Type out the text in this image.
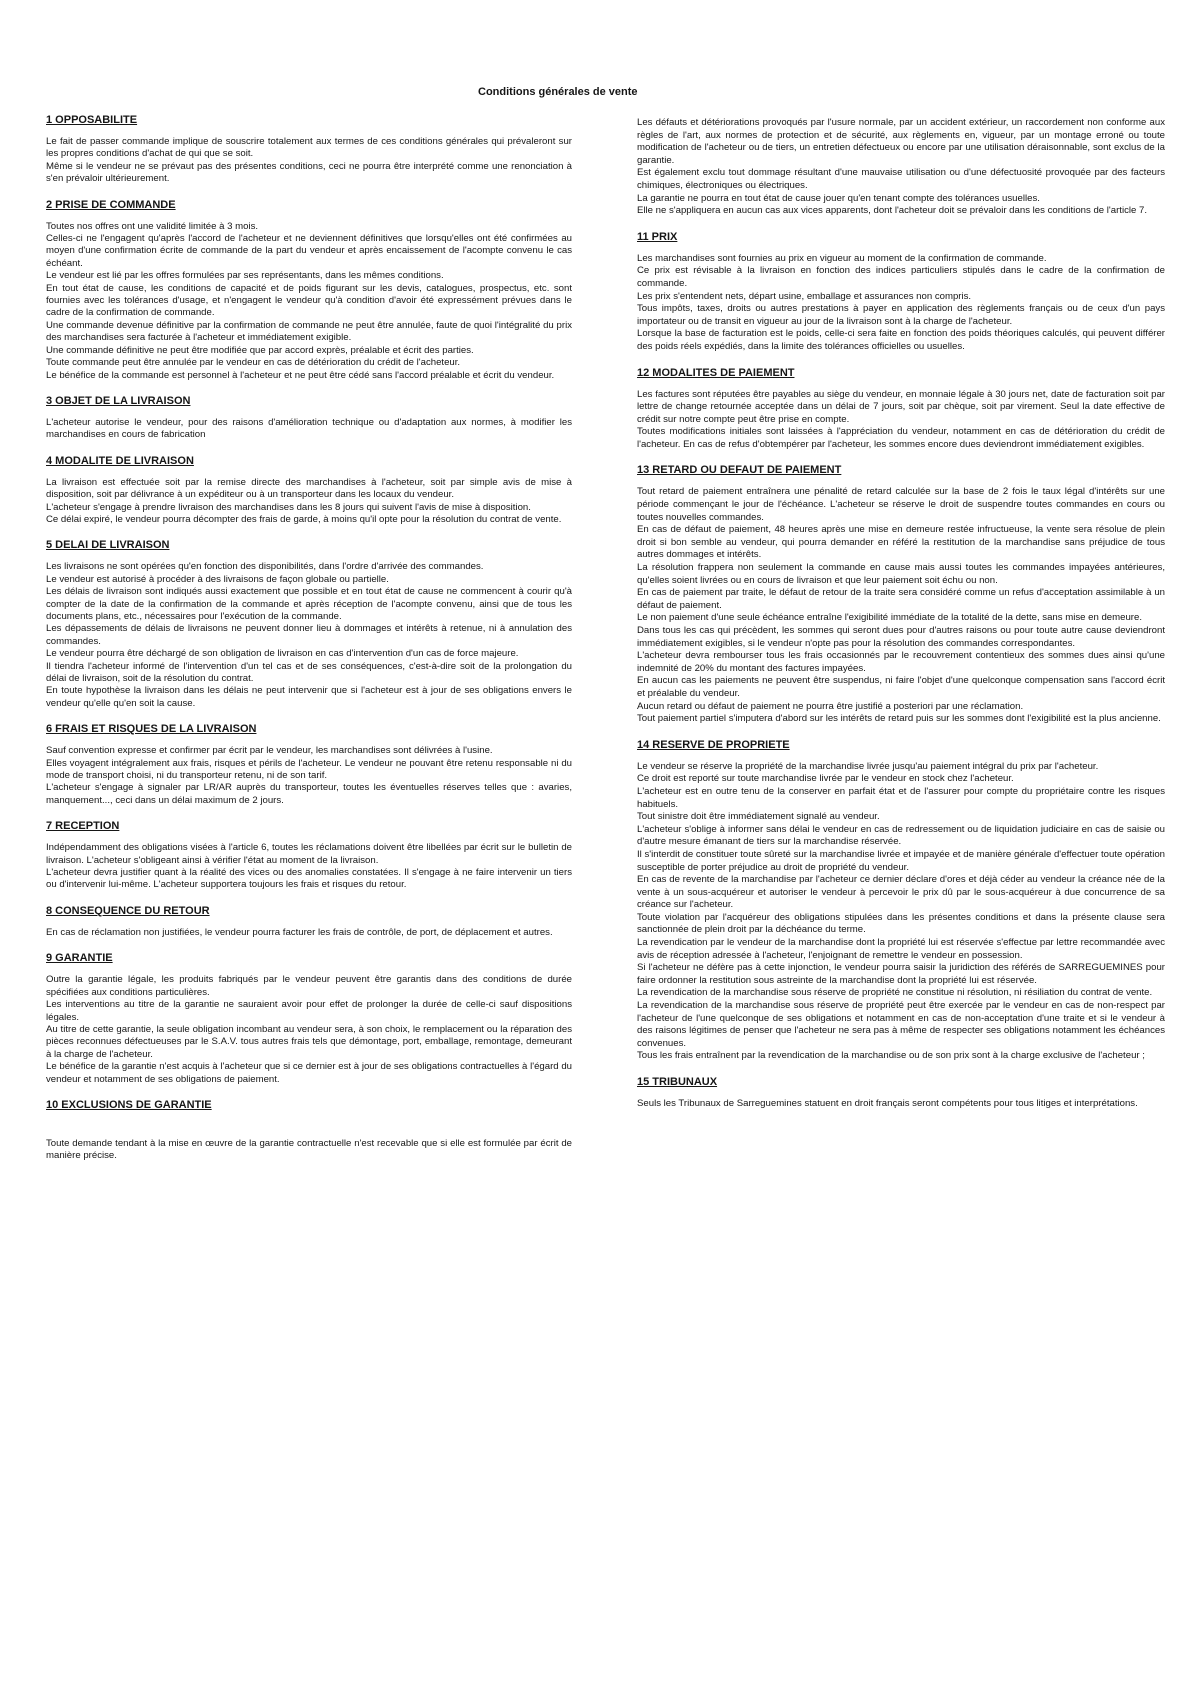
Conditions générales de vente
1 OPPOSABILITE

Le fait de passer commande implique de souscrire totalement aux termes de ces conditions générales qui prévaleront sur les propres conditions d'achat de qui que se soit.

Même si le vendeur ne se prévaut pas des présentes conditions, ceci ne pourra être interprété comme une renonciation à s'en prévaloir ultérieurement.

2 PRISE DE COMMANDE

Toutes nos offres ont une validité limitée à 3 mois.

Celles-ci ne l'engagent qu'après l'accord de l'acheteur et ne deviennent définitives que lorsqu'elles ont été confirmées au moyen d'une confirmation écrite de commande de la part du vendeur et après encaissement de l'acompte convenu le cas échéant.

Le vendeur est lié par les offres formulées par ses représentants, dans les mêmes conditions.

En tout état de cause, les conditions de capacité et de poids figurant sur les devis, catalogues, prospectus, etc. sont fournies avec les tolérances d'usage, et n'engagent le vendeur qu'à condition d'avoir été expressément prévues dans le cadre de la confirmation de commande.

Une commande devenue définitive par la confirmation de commande ne peut être annulée, faute de quoi l'intégralité du prix des marchandises sera facturée à l'acheteur et immédiatement exigible.

Une commande définitive ne peut être modifiée que par accord exprès, préalable et écrit des parties.

Toute commande peut être annulée par le vendeur en cas de détérioration du crédit de l'acheteur.

Le bénéfice de la commande est personnel à l'acheteur et ne peut être cédé sans l'accord préalable et écrit du vendeur.

3 OBJET DE LA LIVRAISON

L'acheteur autorise le vendeur, pour des raisons d'amélioration technique ou d'adaptation aux normes, à modifier les marchandises en cours de fabrication

4 MODALITE DE LIVRAISON

La livraison est effectuée soit par la remise directe des marchandises à l'acheteur, soit par simple avis de mise à disposition, soit par délivrance à un expéditeur ou à un transporteur dans les locaux du vendeur.

L'acheteur s'engage à prendre livraison des marchandises dans les 8 jours qui suivent l'avis de mise à disposition.

Ce délai expiré, le vendeur pourra décompter des frais de garde, à moins qu'il opte pour la résolution du contrat de vente.

5 DELAI DE LIVRAISON

Les livraisons ne sont opérées qu'en fonction des disponibilités, dans l'ordre d'arrivée des commandes.

Le vendeur est autorisé à procéder à des livraisons de façon globale ou partielle.

Les délais de livraison sont indiqués aussi exactement que possible et en tout état de cause ne commencent à courir qu'à compter de la date de la confirmation de la commande et après réception de l'acompte convenu, ainsi que de tous les documents plans, etc., nécessaires pour l'exécution de la commande.

Les dépassements de délais de livraisons ne peuvent donner lieu à dommages et intérêts à retenue, ni à annulation des commandes.

Le vendeur pourra être déchargé de son obligation de livraison en cas d'intervention d'un cas de force majeure.

Il tiendra l'acheteur informé de l'intervention d'un tel cas et de ses conséquences, c'est-à-dire soit de la prolongation du délai de livraison, soit de la résolution du contrat.

En toute hypothèse la livraison dans les délais ne peut intervenir que si l'acheteur est à jour de ses obligations envers le vendeur qu'elle qu'en soit la cause.

6 FRAIS ET RISQUES DE LA LIVRAISON

Sauf convention expresse et confirmer par écrit par le vendeur, les marchandises sont délivrées à l'usine.

Elles voyagent intégralement aux frais, risques et périls de l'acheteur. Le vendeur ne pouvant être retenu responsable ni du mode de transport choisi, ni du transporteur retenu, ni de son tarif.

L'acheteur s'engage à signaler par LR/AR auprès du transporteur, toutes les éventuelles réserves telles que : avaries, manquement..., ceci dans un délai maximum de 2 jours.

7 RECEPTION

Indépendamment des obligations visées à l'article 6, toutes les réclamations doivent être libellées par écrit sur le bulletin de livraison. L'acheteur s'obligeant ainsi à vérifier l'état au moment de la livraison.

L'acheteur devra justifier quant à la réalité des vices ou des anomalies constatées. Il s'engage à ne faire intervenir un tiers ou d'intervenir lui-même. L'acheteur supportera toujours les frais et risques du retour.

8 CONSEQUENCE DU RETOUR

En cas de réclamation non justifiées, le vendeur pourra facturer les frais de contrôle, de port, de déplacement et autres.

9 GARANTIE

Outre la garantie légale, les produits fabriqués par le vendeur peuvent être garantis dans des conditions de durée spécifiées aux conditions particulières.

Les interventions au titre de la garantie ne sauraient avoir pour effet de prolonger la durée de celle-ci sauf dispositions légales.

Au titre de cette garantie, la seule obligation incombant au vendeur sera, à son choix, le remplacement ou la réparation des pièces reconnues défectueuses par le S.A.V. tous autres frais tels que démontage, port, emballage, remontage, demeurant à la charge de l'acheteur.

Le bénéfice de la garantie n'est acquis à l'acheteur que si ce dernier est à jour de ses obligations contractuelles à l'égard du vendeur et notamment de ses obligations de paiement.

10 EXCLUSIONS DE GARANTIE

Toute demande tendant à la mise en œuvre de la garantie contractuelle n'est recevable que si elle est formulée par écrit de manière précise.

Les défauts et détériorations provoqués par l'usure normale, par un accident extérieur, un raccordement non conforme aux règles de l'art, aux normes de protection et de sécurité, aux règlements en, vigueur, par un montage erroné ou toute modification de l'acheteur ou de tiers, un entretien défectueux ou encore par une utilisation déraisonnable, sont exclus de la garantie.

Est également exclu tout dommage résultant d'une mauvaise utilisation ou d'une défectuosité provoquée par des facteurs chimiques, électroniques ou électriques.

La garantie ne pourra en tout état de cause jouer qu'en tenant compte des tolérances usuelles.

Elle ne s'appliquera en aucun cas aux vices apparents, dont l'acheteur doit se prévaloir dans les conditions de l'article 7.

11 PRIX

Les marchandises sont fournies au prix en vigueur au moment de la confirmation de commande.

Ce prix est révisable à la livraison en fonction des indices particuliers stipulés dans le cadre de la confirmation de commande.

Les prix s'entendent nets, départ usine, emballage et assurances non compris.

Tous impôts, taxes, droits ou autres prestations à payer en application des règlements français ou de ceux d'un pays importateur ou de transit en vigueur au jour de la livraison sont à la charge de l'acheteur.

Lorsque la base de facturation est le poids, celle-ci sera faite en fonction des poids théoriques calculés, qui peuvent différer des poids réels expédiés, dans la limite des tolérances officielles ou usuelles.

12 MODALITES DE PAIEMENT

Les factures sont réputées être payables au siège du vendeur, en monnaie légale à 30 jours net, date de facturation soit par lettre de change retournée acceptée dans un délai de 7 jours, soit par chèque, soit par virement. Seul la date effective de crédit sur notre compte peut être prise en compte.

Toutes modifications initiales sont laissées à l'appréciation du vendeur, notamment en cas de détérioration du crédit de l'acheteur. En cas de refus d'obtempérer par l'acheteur, les sommes encore dues deviendront immédiatement exigibles.

13 RETARD OU DEFAUT DE PAIEMENT

Tout retard de paiement entraînera une pénalité de retard calculée sur la base de 2 fois le taux légal d'intérêts sur une période commençant le jour de l'échéance. L'acheteur se réserve le droit de suspendre toutes commandes en cours ou toutes nouvelles commandes.

En cas de défaut de paiement, 48 heures après une mise en demeure restée infructueuse, la vente sera résolue de plein droit si bon semble au vendeur, qui pourra demander en référé la restitution de la marchandise sans préjudice de tous autres dommages et intérêts.

La résolution frappera non seulement la commande en cause mais aussi toutes les commandes impayées antérieures, qu'elles soient livrées ou en cours de livraison et que leur paiement soit échu ou non.

En cas de paiement par traite, le défaut de retour de la traite sera considéré comme un refus d'acceptation assimilable à un défaut de paiement.

Le non paiement d'une seule échéance entraîne l'exigibilité immédiate de la totalité de la dette, sans mise en demeure.

Dans tous les cas qui précèdent, les sommes qui seront dues pour d'autres raisons ou pour toute autre cause deviendront immédiatement exigibles, si le vendeur n'opte pas pour la résolution des commandes correspondantes.

L'acheteur devra rembourser tous les frais occasionnés par le recouvrement contentieux des sommes dues ainsi qu'une indemnité de 20% du montant des factures impayées.

En aucun cas les paiements ne peuvent être suspendus, ni faire l'objet d'une quelconque compensation sans l'accord écrit et préalable du vendeur.

Aucun retard ou défaut de paiement ne pourra être justifié a posteriori par une réclamation.

Tout paiement partiel s'imputera d'abord sur les intérêts de retard puis sur les sommes dont l'exigibilité est la plus ancienne.

14 RESERVE DE PROPRIETE

Le vendeur se réserve la propriété de la marchandise livrée jusqu'au paiement intégral du prix par l'acheteur.

Ce droit est reporté sur toute marchandise livrée par le vendeur en stock chez l'acheteur.

L'acheteur est en outre tenu de la conserver en parfait état et de l'assurer pour compte du propriétaire contre les risques habituels.

Tout sinistre doit être immédiatement signalé au vendeur.

L'acheteur s'oblige à informer sans délai le vendeur en cas de redressement ou de liquidation judiciaire en cas de saisie ou d'autre mesure émanant de tiers sur la marchandise réservée.

Il s'interdit de constituer toute sûreté sur la marchandise livrée et impayée et de manière générale d'effectuer toute opération susceptible de porter préjudice au droit de propriété du vendeur.

En cas de revente de la marchandise par l'acheteur ce dernier déclare d'ores et déjà céder au vendeur la créance née de la vente à un sous-acquéreur et autoriser le vendeur à percevoir le prix dû par le sous-acquéreur à due concurrence de sa créance sur l'acheteur.

Toute violation par l'acquéreur des obligations stipulées dans les présentes conditions et dans la présente clause sera sanctionnée de plein droit par la déchéance du terme.

La revendication par le vendeur de la marchandise dont la propriété lui est réservée s'effectue par lettre recommandée avec avis de réception adressée à l'acheteur, l'enjoignant de remettre le vendeur en possession.

Si l'acheteur ne défère pas à cette injonction, le vendeur pourra saisir la juridiction des référés de SARREGUEMINES pour faire ordonner la restitution sous astreinte de la marchandise dont la propriété lui est réservée.

La revendication de la marchandise sous réserve de propriété ne constitue ni résolution, ni résiliation du contrat de vente.

La revendication de la marchandise sous réserve de propriété peut être exercée par le vendeur en cas de non-respect par l'acheteur de l'une quelconque de ses obligations et notamment en cas de non-acceptation d'une traite et si le vendeur à des raisons légitimes de penser que l'acheteur ne sera pas à même de respecter ses obligations notamment les échéances convenues.

Tous les frais entraînent par la revendication de la marchandise ou de son prix sont à la charge exclusive de l'acheteur ;

15 TRIBUNAUX

Seuls les Tribunaux de Sarreguemines statuent en droit français seront compétents pour tous litiges et interprétations.
